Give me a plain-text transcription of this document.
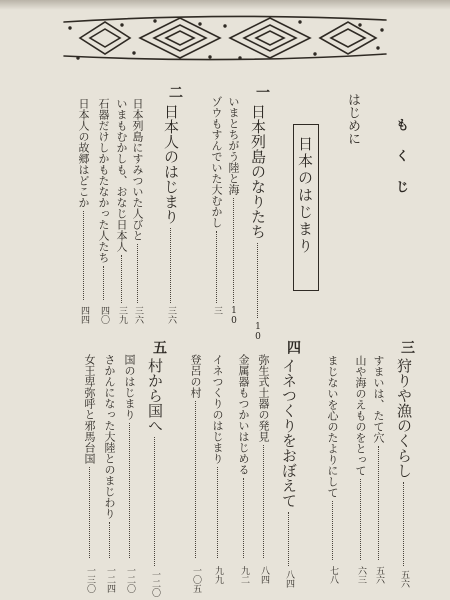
もくじ
はじめに
日本のはじまり
一
日本列島のなりたち
10
いまとちがう陸と海
10
ゾウもすんでいた大むかし
三
二
日本人のはじまり
三六
日本列島にすみついた人びと
三六
いまもむかしも、おなじ日本人
三九
石器だけしかもたなかった人たち
四〇
日本人の故郷はどこか
四四
三
狩りや漁のくらし
五六
すまいは、たて穴
五六
山や海のえものをとって
六三
まじないを心のたよりにして
七八
四
イネつくりをおぼえて
八四
弥生式土器の発見
八四
金属器もつかいはじめる
九二
イネつくりのはじまり
九九
登呂の村
一〇五
五
村から国へ
一二〇
国のはじまり
一二〇
さかんになった大陸とのまじわり
一二四
女王卑弥呼と邪馬台国
一三〇
